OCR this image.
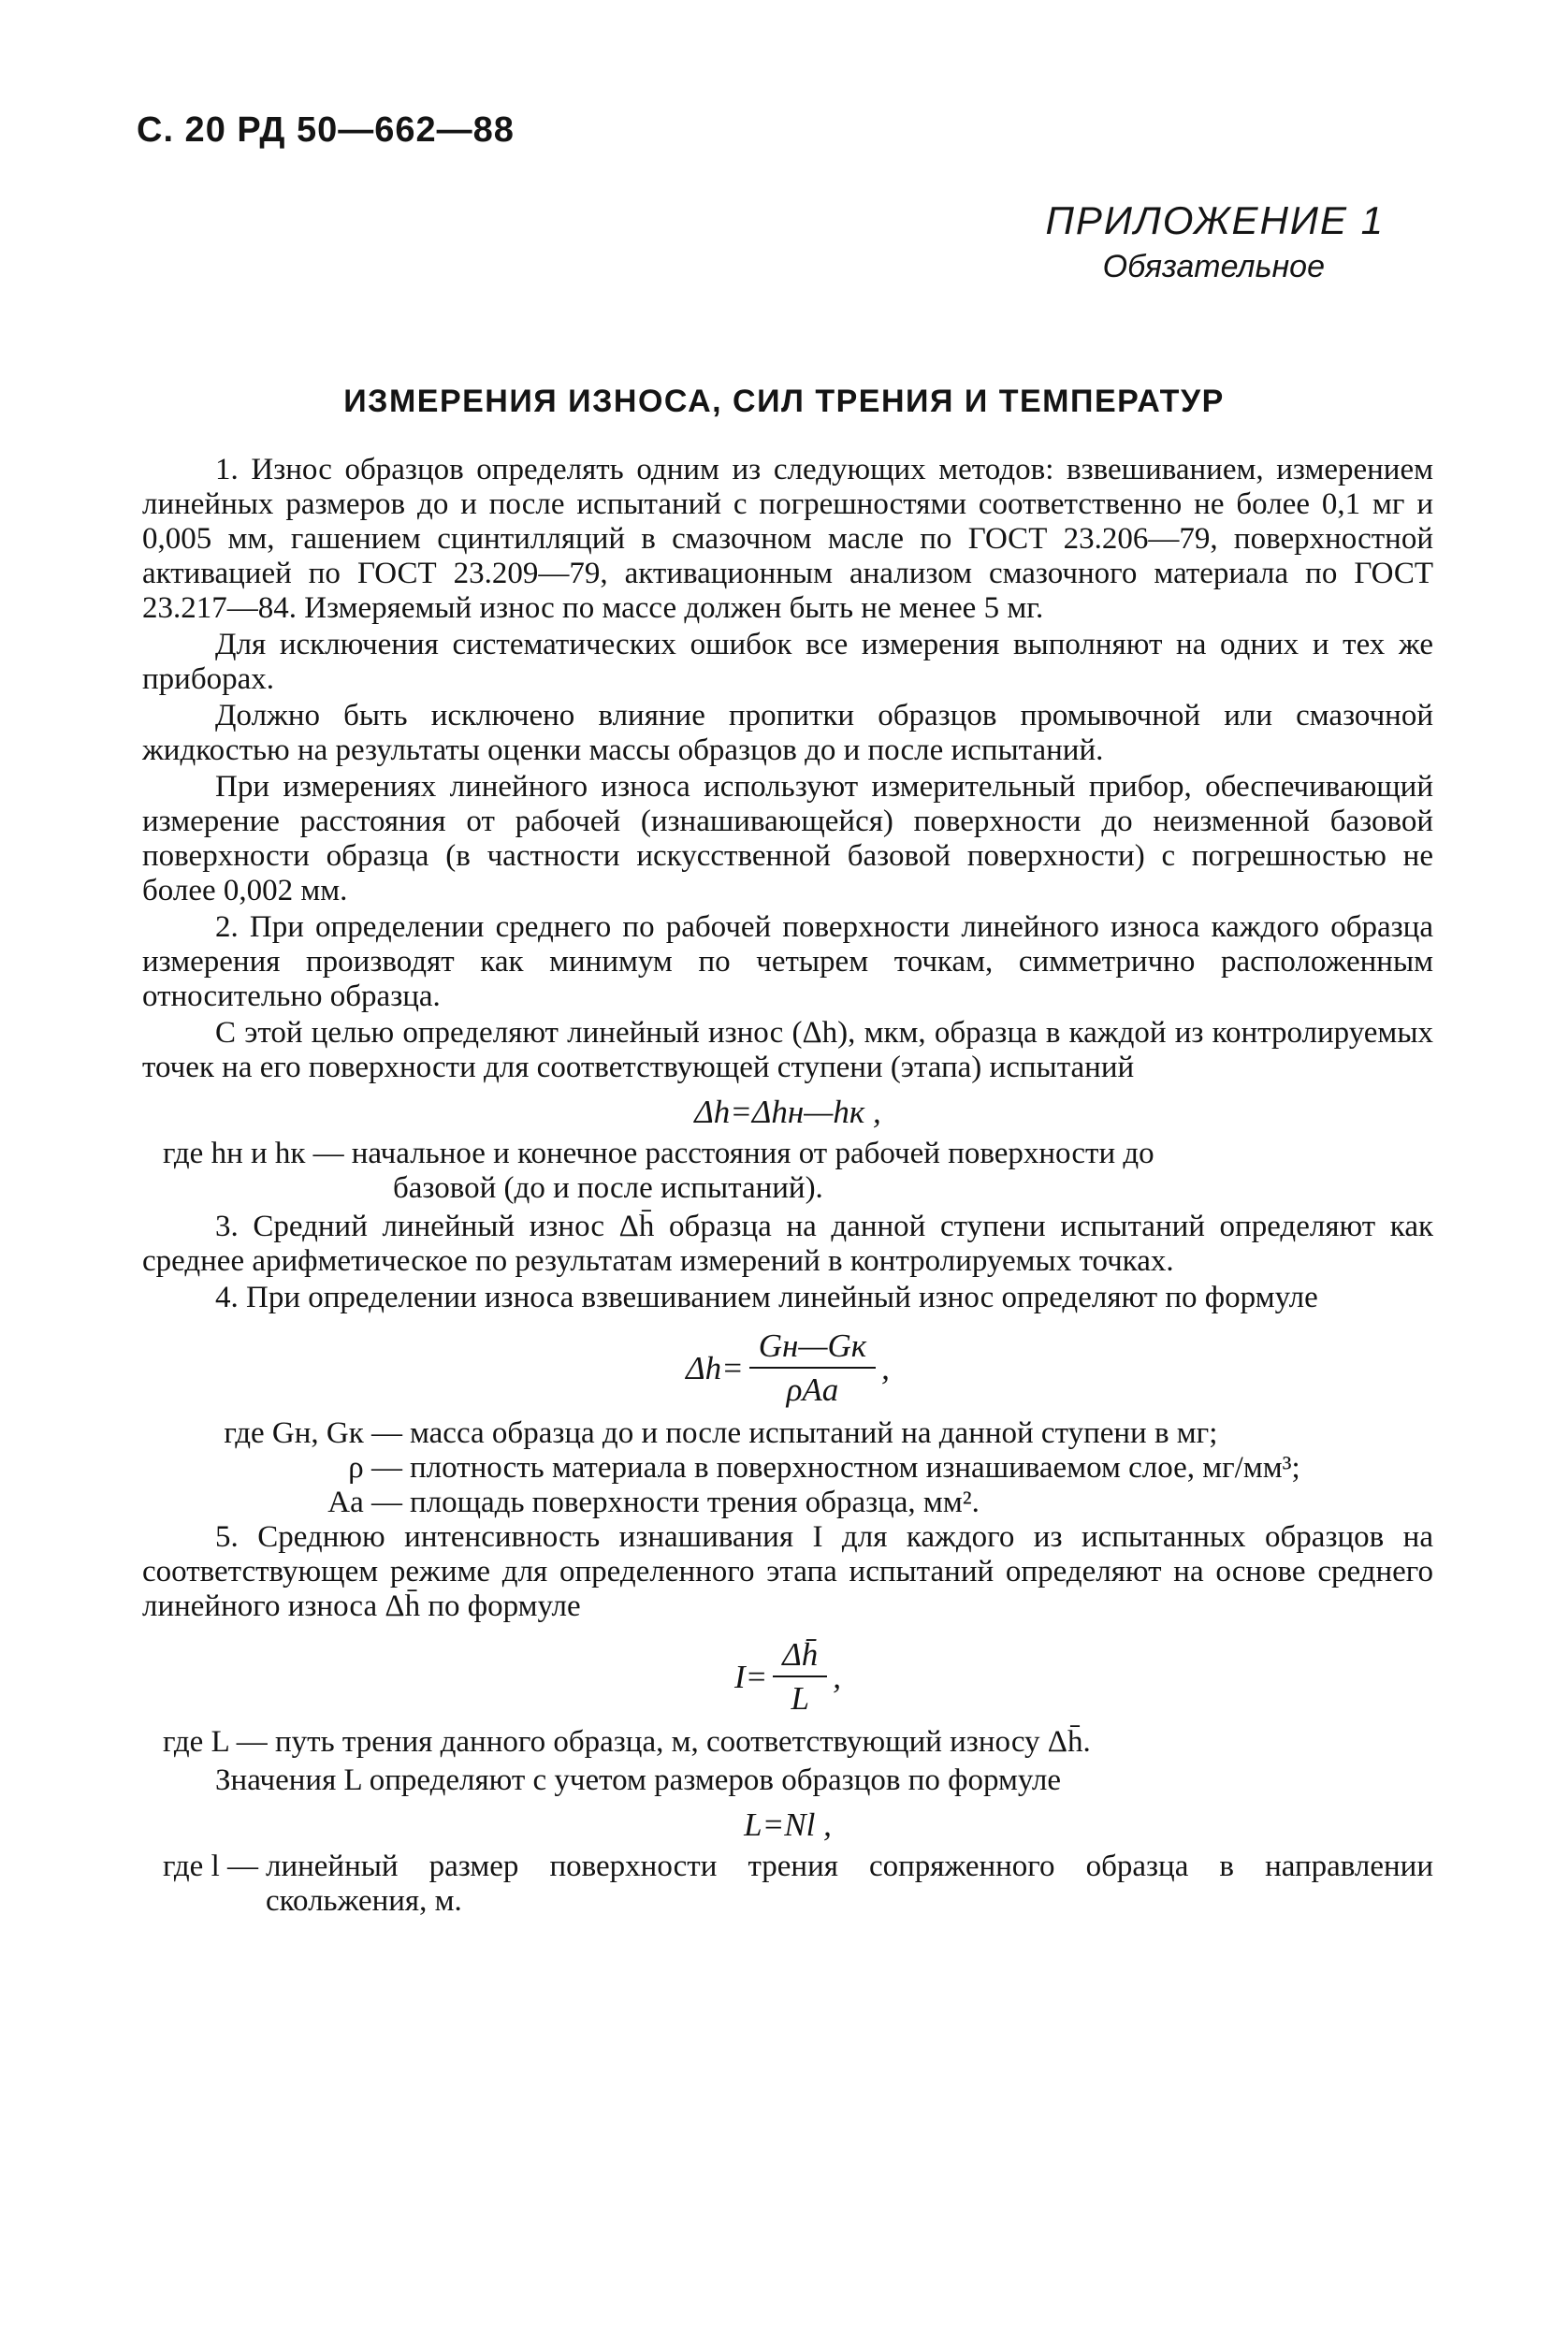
С. 20 РД 50—662—88
ПРИЛОЖЕНИЕ 1
Обязательное
ИЗМЕРЕНИЯ ИЗНОСА, СИЛ ТРЕНИЯ И ТЕМПЕРАТУР

1. Износ образцов определять одним из следующих методов: взвешиванием, измерением линейных размеров до и после испытаний с погрешностями соответственно не более 0,1 мг и 0,005 мм, гашением сцинтилляций в смазочном масле по ГОСТ 23.206—79, поверхностной активацией по ГОСТ 23.209—79, активационным анализом смазочного материала по ГОСТ 23.217—84. Измеряемый износ по массе должен быть не менее 5 мг.

Для исключения систематических ошибок все измерения выполняют на одних и тех же приборах.

Должно быть исключено влияние пропитки образцов промывочной или смазочной жидкостью на результаты оценки массы образцов до и после испытаний.

При измерениях линейного износа используют измерительный прибор, обеспечивающий измерение расстояния от рабочей (изнашивающейся) поверхности до неизменной базовой поверхности образца (в частности искусственной базовой поверхности) с погрешностью не более 0,002 мм.

2. При определении среднего по рабочей поверхности линейного износа каждого образца измерения производят как минимум по четырем точкам, симметрично расположенным относительно образца.

С этой целью определяют линейный износ (Δh), мкм, образца в каждой из контролируемых точек на его поверхности для соответствующей ступени (этапа) испытаний

Δh=Δhн—hк ,
где hн и hк — начальное и конечное расстояния от рабочей поверхности до
базовой (до и после испытаний).

3. Средний линейный износ Δh̄ образца на данной ступени испытаний определяют как среднее арифметическое по результатам измерений в контролируемых точках.

4. При определении износа взвешиванием линейный износ определяют по формуле

$\Delta h= \frac{Gн—Gк}{\text{ρAa}}$ ,
где Gн, Gк — масса образца до и после испытаний на данной ступени в мг;
ρ — плотность материала в поверхностном изнашиваемом слое, мг/мм³;
Aa — площадь поверхности трения образца, мм².

5. Среднюю интенсивность изнашивания I для каждого из испытанных образцов на соответствующем режиме для определенного этапа испытаний определяют на основе среднего линейного износа Δh̄ по формуле

$I= \frac{\Delta h̄}{L}$ ,
где L — путь трения данного образца, м, соответствующий износу Δh̄.

Значения L определяют с учетом размеров образцов по формуле

L=Nl ,
где l — линейный размер поверхности трения сопряженного образца в направлении скольжения, м.
